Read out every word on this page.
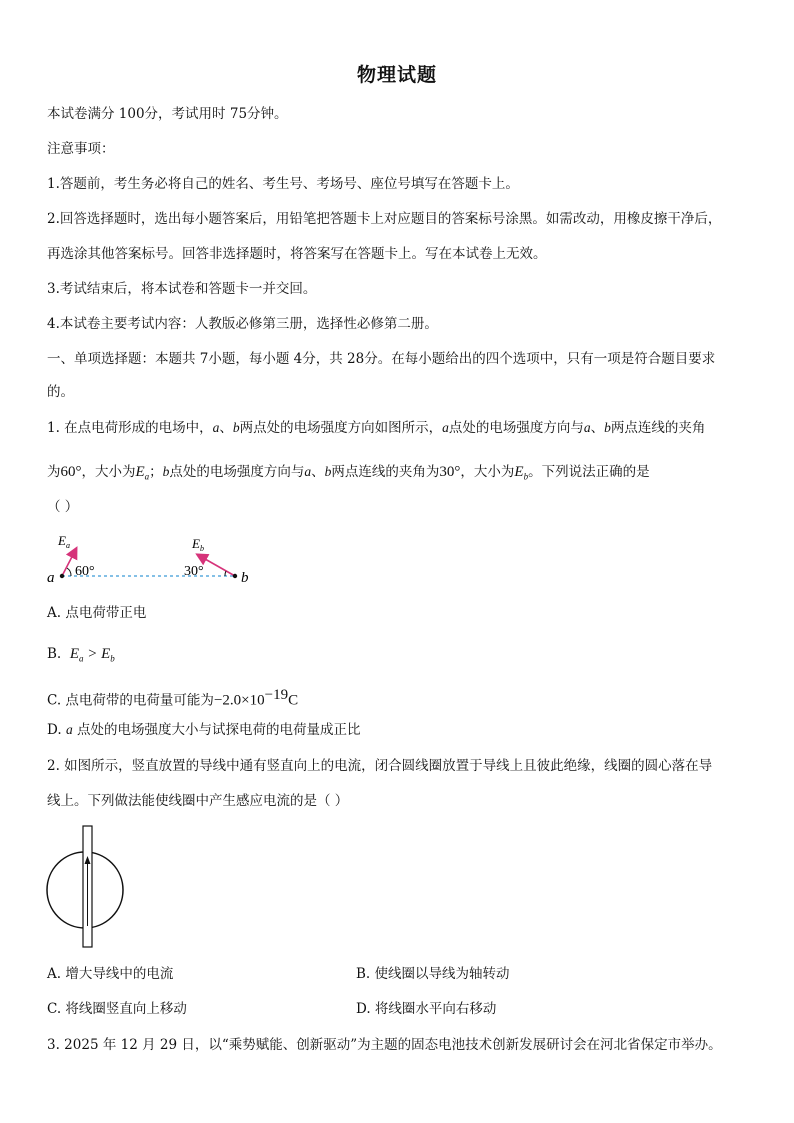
物理试题
本试卷满分 100分，考试用时 75分钟。
注意事项：
1.答题前，考生务必将自己的姓名、考生号、考场号、座位号填写在答题卡上。
2.回答选择题时，选出每小题答案后，用铅笔把答题卡上对应题目的答案标号涂黑。如需改动，用橡皮擦干净后，
再选涂其他答案标号。回答非选择题时，将答案写在答题卡上。写在本试卷上无效。
3.考试结束后，将本试卷和答题卡一并交回。
4.本试卷主要考试内容：人教版必修第三册，选择性必修第二册。
一、单项选择题：本题共 7小题，每小题 4分，共 28分。在每小题给出的四个选项中，只有一项是符合题目要求
的。
1. 在点电荷形成的电场中，a、b两点处的电场强度方向如图所示，a点处的电场强度方向与a、b两点连线的夹角
为60°，大小为$E_a$；b点处的电场强度方向与a、b两点连线的夹角为30°，大小为$E_b$。下列说法正确的是
（ ）
$E_a$	$E_b$
60°	30°
a	b
A. 点电荷带正电
B. $E_a > E_b$
C. 点电荷带的电荷量可能为$-2.0\times 10^{-19}C$
D. a 点处的电场强度大小与试探电荷的电荷量成正比
2. 如图所示，竖直放置的导线中通有竖直向上的电流，闭合圆线圈放置于导线上且彼此绝缘，线圈的圆心落在导
线上。下列做法能使线圈中产生感应电流的是（ ）
A. 增大导线中的电流	B. 使线圈以导线为轴转动
C. 将线圈竖直向上移动	D. 将线圈水平向右移动
3. 2025 年 12 月 29 日，以“乘势赋能、创新驱动”为主题的固态电池技术创新发展研讨会在河北省保定市举办。
